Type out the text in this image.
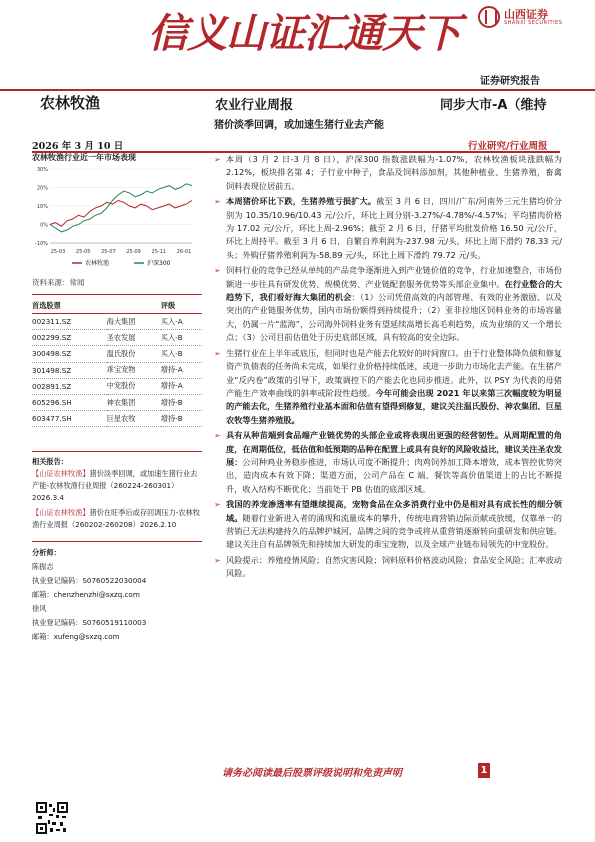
信义山证汇通天下	山西证券
SHANXI SECURITIES
证券研究报告
农林牧渔	农业行业周报	同步大市-A（维持
猪价淡季回调，或加速生猪行业去产能
2026 年 3 月 10 日	行业研究/行业周报

农林牧渔行业近一年市场表现

30%
20%
10%
0%
-10%
25-03 25-05 25-07 25-09 25-11 26-01
农林牧渔	沪深300
资料来源：常闻
首选股票		评级
002311.SZ	海大集团	买入-A
002299.SZ	圣农发展	买入-B
300498.SZ	温氏股份	买入-B
301498.SZ	乖宝宠物	增持-A
002891.SZ	中宠股份	增持-A
605296.SH	神农集团	增持-B
603477.SH	巨星农牧	增持-B
相关报告：
【山证农林牧渔】猪价淡季回调，或加速生猪行业去产能-农林牧渔行业周报（260224-260301）2026.3.4
【山证农林牧渔】猪价在旺季后或存回调压力-农林牧渔行业周报（260202-260208）2026.2.10
分析师：
陈振志
执业登记编码：S0760522030004
邮箱：chenzhenzhi@sxzq.com
徐风
执业登记编码：S0760519110003
邮箱：xufeng@sxzq.com

➢ 本周（3 月 2 日-3 月 8 日），沪深300 指数涨跌幅为-1.07%，农林牧渔板块涨跌幅为 2.12%，板块排名第 4；子行业中种子，食品及饲料添加剂，其他种植业、生猪养殖，畜禽饲料表现位居前五。

➢ 本周猪价环比下跌，生猪养殖亏损扩大。截至 3 月 6 日，四川/广东/河南外三元生猪均价分别为 10.35/10.96/10.43 元/公斤，环比上周分别-3.27%/-4.78%/-4.57%；平均猪肉价格为 17.02 元/公斤，环比上周-2.96%；截至 2 月 6 日，仔猪平均批发价格 16.50 元/公斤，环比上周持平。截至 3 月 6 日，自繁自养利润为-237.98 元/头，环比上周下滑约 78.33 元/头；外购仔猪养殖利润为-58.89 元/头，环比上周下滑约 79.72 元/头。

➢ 饲料行业的竞争已经从单纯的产品竞争逐渐进入到产业链价值的竞争，行业加速整合，市场份额进一步往具有研发优势、规模优势、产业链配套服务优势等头部企业集中。在行业整合的大趋势下，我们看好海大集团的机会：（1）公司凭借高效的内部管理、有效的业务激励、以及突出的产业链服务优势，国内市场份额得到持续提升；（2）亚非拉地区饲料业务的市场容量大，仍属一片“蓝海”，公司海外饲料业务有望延续高增长高毛利趋势，成为业绩的又一个增长点；（3）公司目前估值处于历史底部区域，具有较高的安全边际。

➢ 生猪行业在上半年或底压，但同时也是产能去化较好的时间窗口。由于行业整体降负债和修复资产负债表的任务尚未完成，如果行业价格持续低迷，或进一步助力市场化去产能。在生猪产业“反内卷”政策的引导下，政策调控下的产能去化也同步推进。此外，以 PSY 为代表的母猪产能生产效率曲线的斜率或阶段性趋缓。今年可能会出现 2021 年以来第三次幅度较为明显的产能去化，生猪养殖行业基本面和估值有望得到修复，建议关注温氏股份、神农集团、巨星农牧等生猪养殖股。

➢ 具有从种苗端到食品端产业链优势的头部企业或将表现出更强的经营韧性。从周期配置的角度，在周期低位，低估值和低预期的品种在配置上或具有良好的风险收益比，建议关注圣农发展：公司种鸡业务稳步推进，市场认可度不断提升；肉鸡饲养加工降本增效，成本管控优势突出，造肉成本有效下降；渠道方面，公司产品在 C 端、餐饮等高价值渠道上的占比不断提升，收入结构不断优化；当前处于 PB 估值的底部区域。

➢ 我国的养宠渗透率有望继续提高，宠物食品在众多消费行业中仍是相对具有成长性的细分领域。随着行业新进入者的涌现和流量成本的攀升，传统电商营销边际贡献或放缓，仅靠单一的营销已无法构建持久的品牌护城河，品牌之间的竞争或将从重营销逐渐转向重研发和供应链。建议关注自有品牌领先和持续加大研发的乖宝宠物，以及全球产业链布局领先的中宠股份。

➢ 风险提示：养殖疫情风险；自然灾害风险；饲料原料价格波动风险；食品安全风险；汇率波动风险。

请务必阅读最后股票评级说明和免责声明	1
